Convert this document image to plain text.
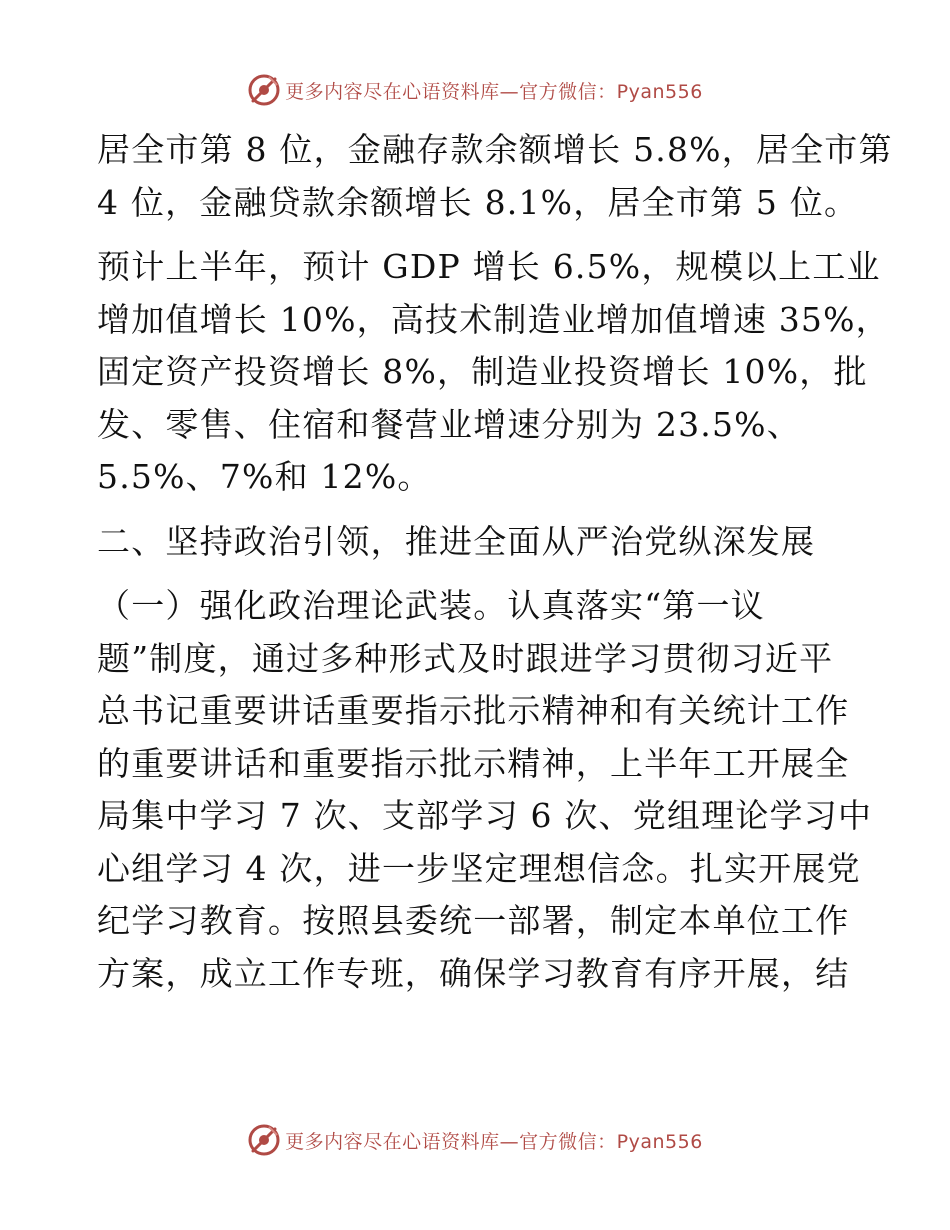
更多内容尽在心语资料库—官方微信：Pyan556

居全市第 8 位，金融存款余额增长 5.8%，居全市第
4 位，金融贷款余额增长 8.1%，居全市第 5 位。

预计上半年，预计 GDP 增长 6.5%，规模以上工业
增加值增长 10%，高技术制造业增加值增速 35%，
固定资产投资增长 8%，制造业投资增长 10%，批
发、零售、住宿和餐营业增速分别为 23.5%、
5.5%、7%和 12%。

二、坚持政治引领，推进全面从严治党纵深发展

（一）强化政治理论武装。认真落实“第一议
题”制度，通过多种形式及时跟进学习贯彻习近平
总书记重要讲话重要指示批示精神和有关统计工作
的重要讲话和重要指示批示精神，上半年工开展全
局集中学习 7 次、支部学习 6 次、党组理论学习中
心组学习 4 次，进一步坚定理想信念。扎实开展党
纪学习教育。按照县委统一部署，制定本单位工作
方案，成立工作专班，确保学习教育有序开展，结

更多内容尽在心语资料库—官方微信：Pyan556
